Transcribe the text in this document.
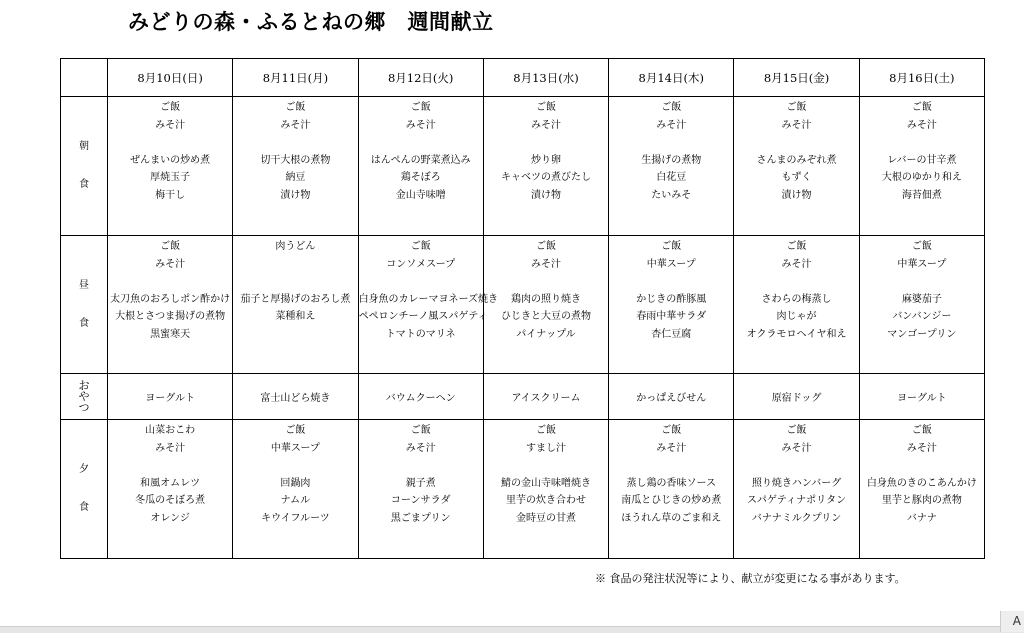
みどりの森・ふるとねの郷　週間献立
	8月10日(日)	8月11日(月)	8月12日(火)	8月13日(水)	8月14日(木)	8月15日(金)	8月16日(土)

朝
食	ご飯
みそ汁
ぜんまいの炒め煮
厚焼玉子
梅干し	ご飯
みそ汁
切干大根の煮物
納豆
漬け物	ご飯
みそ汁
はんぺんの野菜煮込み
鶏そぼろ
金山寺味噌	ご飯
みそ汁
炒り卵
キャベツの煮びたし
漬け物	ご飯
みそ汁
生揚げの煮物
白花豆
たいみそ	ご飯
みそ汁
さんまのみぞれ煮
もずく
漬け物	ご飯
みそ汁
レバーの甘辛煮
大根のゆかり和え
海苔佃煮

昼
食	ご飯
みそ汁
太刀魚のおろしポン酢かけ
大根とさつま揚げの煮物
黒蜜寒天	肉うどん
茄子と厚揚げのおろし煮
菜種和え	ご飯
コンソメスープ
白身魚のカレーマヨネーズ焼き
ペペロンチーノ風スパゲティ
トマトのマリネ	ご飯
みそ汁
鶏肉の照り焼き
ひじきと大豆の煮物
パイナップル	ご飯
中華スープ
かじきの酢豚風
春雨中華サラダ
杏仁豆腐	ご飯
みそ汁
さわらの梅蒸し
肉じゃが
オクラモロヘイヤ和え	ご飯
中華スープ
麻婆茄子
バンバンジー
マンゴープリン

お
や
つ	ヨーグルト	富士山どら焼き	バウムクーヘン	アイスクリーム	かっぱえびせん	原宿ドッグ	ヨーグルト

夕
食	山菜おこわ
みそ汁
和風オムレツ
冬瓜のそぼろ煮
オレンジ	ご飯
中華スープ
回鍋肉
ナムル
キウイフルーツ	ご飯
みそ汁
親子煮
コーンサラダ
黒ごまプリン	ご飯
すまし汁
鯖の金山寺味噌焼き
里芋の炊き合わせ
金時豆の甘煮	ご飯
みそ汁
蒸し鶏の香味ソース
南瓜とひじきの炒め煮
ほうれん草のごま和え	ご飯
みそ汁
照り焼きハンバーグ
スパゲティナポリタン
バナナミルクプリン	ご飯
みそ汁
白身魚のきのこあんかけ
里芋と豚肉の煮物
バナナ
※ 食品の発注状況等により、献立が変更になる事があります。
A
